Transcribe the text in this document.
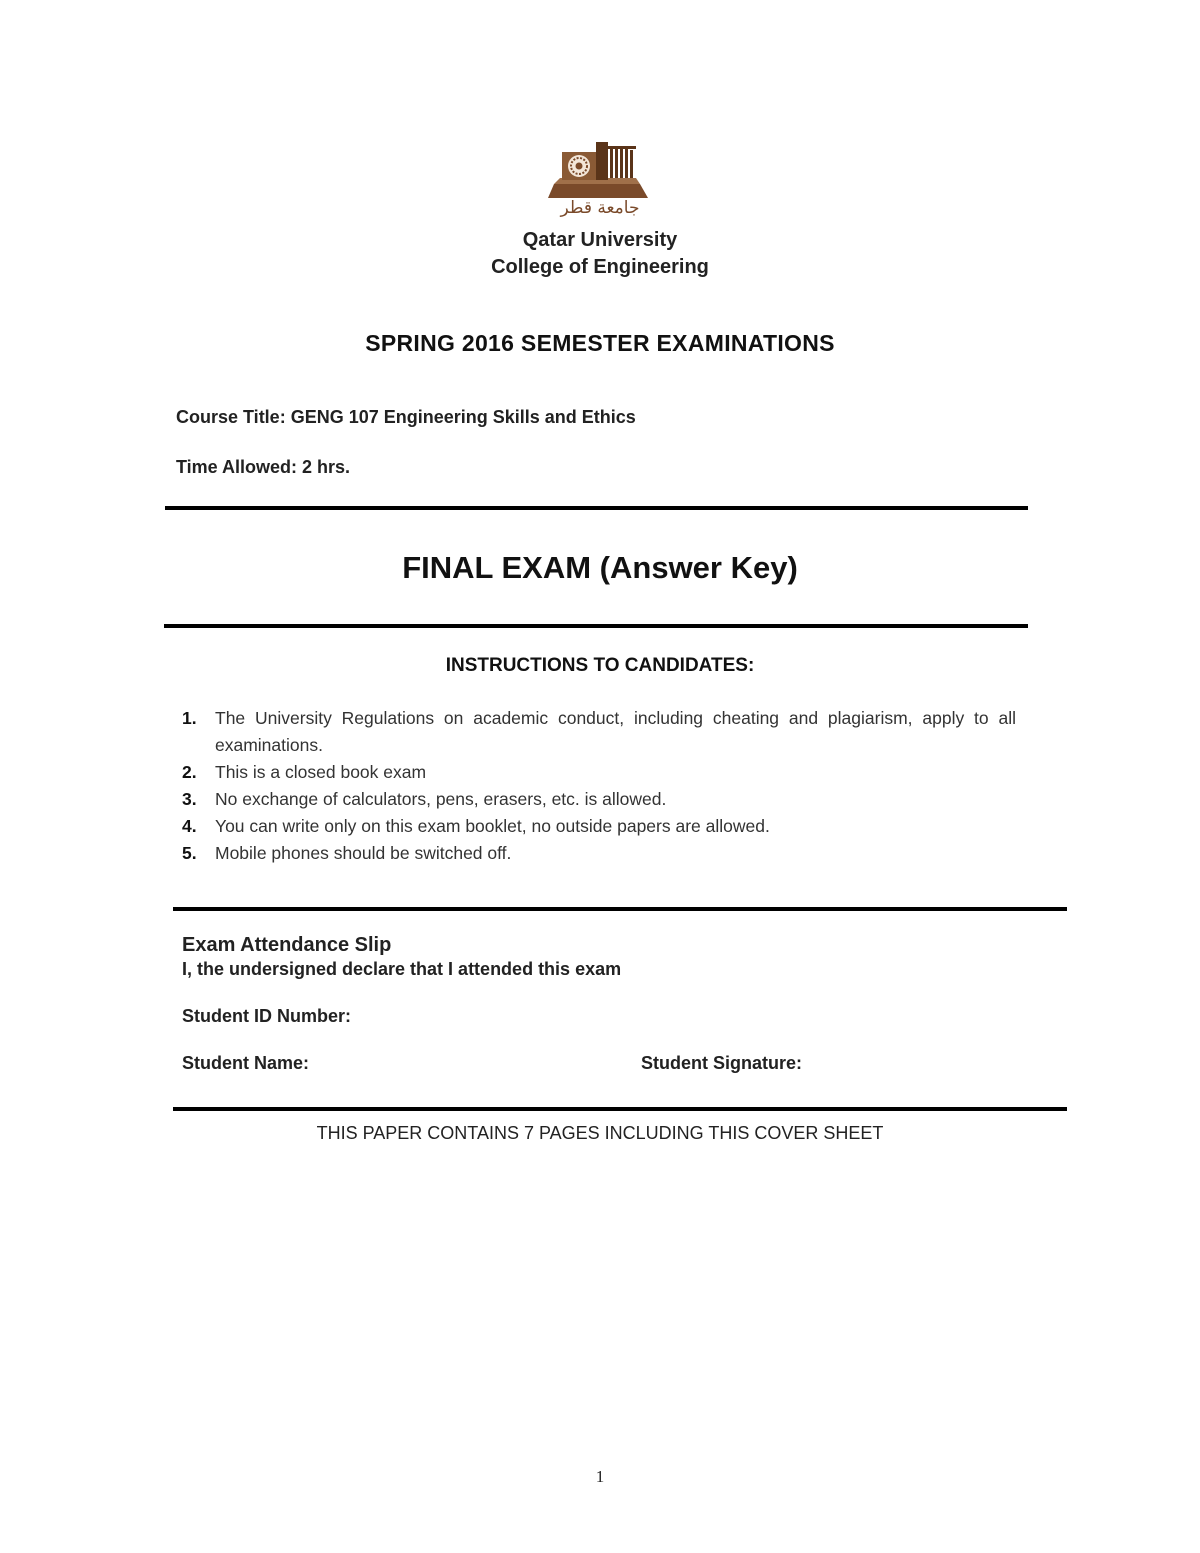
جامعة قطر
Qatar University
College of Engineering
SPRING 2016 SEMESTER EXAMINATIONS
Course Title: GENG 107 Engineering Skills and Ethics
Time Allowed: 2 hrs.
FINAL EXAM (Answer Key)
INSTRUCTIONS TO CANDIDATES:
1. The University Regulations on academic conduct, including cheating and plagiarism, apply to all examinations.
2. This is a closed book exam
3. No exchange of calculators, pens, erasers, etc. is allowed.
4. You can write only on this exam booklet, no outside papers are allowed.
5. Mobile phones should be switched off.
Exam Attendance Slip
I, the undersigned declare that I attended this exam
Student ID Number:
Student Name:	Student Signature:
THIS PAPER CONTAINS 7 PAGES INCLUDING THIS COVER SHEET
1
